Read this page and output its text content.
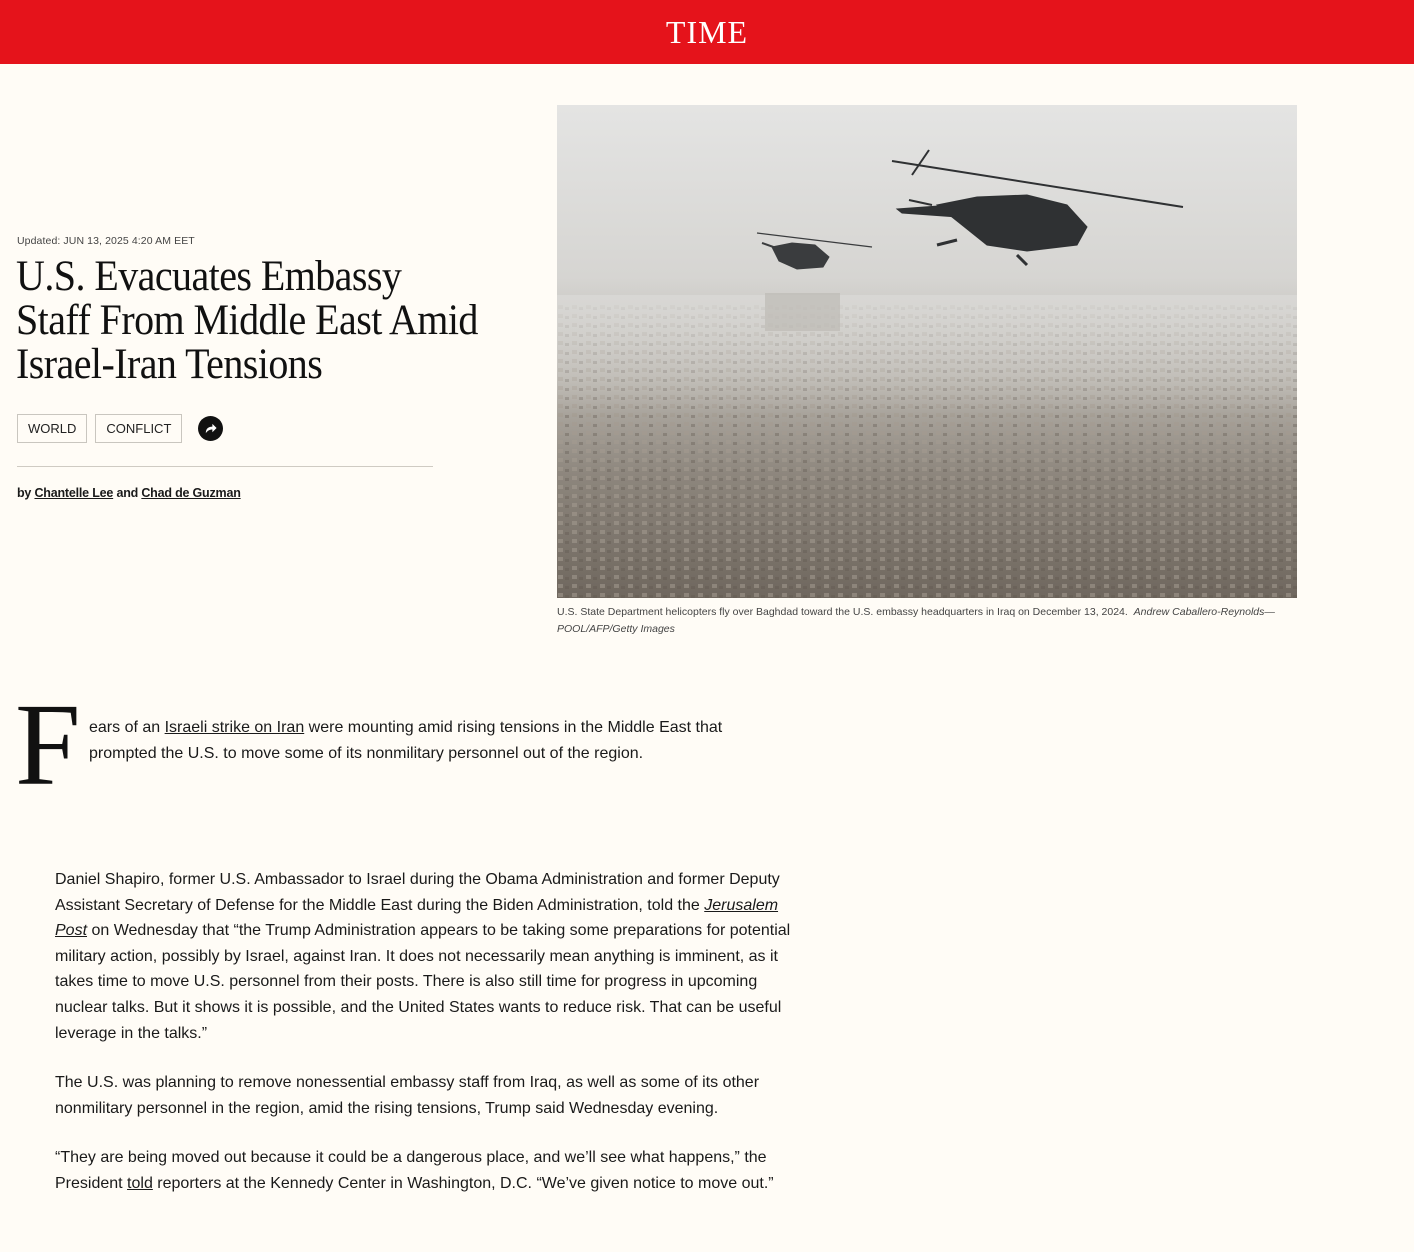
TIME
Updated: JUN 13, 2025 4:20 AM EET
U.S. Evacuates Embassy Staff From Middle East Amid Israel-Iran Tensions
WORLD	CONFLICT
by Chantelle Lee and Chad de Guzman
U.S. State Department helicopters fly over Baghdad toward the U.S. embassy headquarters in Iraq on December 13, 2024. Andrew Caballero-Reynolds—POOL/AFP/Getty Images
F ears of an Israeli strike on Iran were mounting amid rising tensions in the Middle East that prompted the U.S. to move some of its nonmilitary personnel out of the region.

Daniel Shapiro, former U.S. Ambassador to Israel during the Obama Administration and former Deputy Assistant Secretary of Defense for the Middle East during the Biden Administration, told the Jerusalem Post on Wednesday that “the Trump Administration appears to be taking some preparations for potential military action, possibly by Israel, against Iran. It does not necessarily mean anything is imminent, as it takes time to move U.S. personnel from their posts. There is also still time for progress in upcoming nuclear talks. But it shows it is possible, and the United States wants to reduce risk. That can be useful leverage in the talks.”

The U.S. was planning to remove nonessential embassy staff from Iraq, as well as some of its other nonmilitary personnel in the region, amid the rising tensions, Trump said Wednesday evening.

“They are being moved out because it could be a dangerous place, and we’ll see what happens,” the President told reporters at the Kennedy Center in Washington, D.C. “We’ve given notice to move out.”
